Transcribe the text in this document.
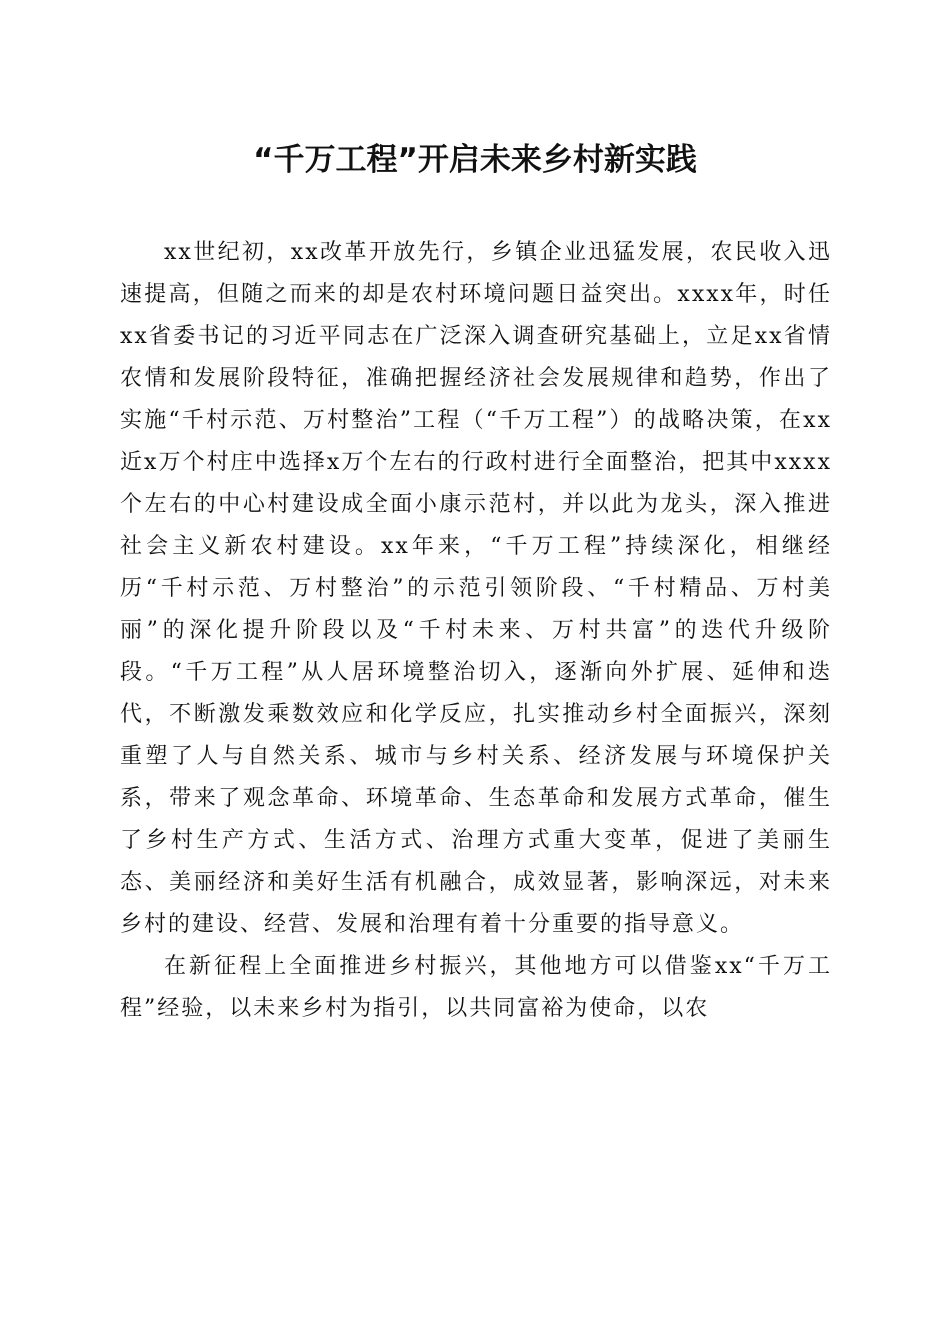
“千万工程”开启未来乡村新实践

xx世纪初，xx改革开放先行，乡镇企业迅猛发展，农民收入迅速提高，但随之而来的却是农村环境问题日益突出。xxxx年，时任xx省委书记的习近平同志在广泛深入调查研究基础上，立足xx省情农情和发展阶段特征，准确把握经济社会发展规律和趋势，作出了实施“千村示范、万村整治”工程（“千万工程”）的战略决策，在xx近x万个村庄中选择x万个左右的行政村进行全面整治，把其中xxxx个左右的中心村建设成全面小康示范村，并以此为龙头，深入推进社会主义新农村建设。xx年来，“千万工程”持续深化，相继经历“千村示范、万村整治”的示范引领阶段、“千村精品、万村美丽”的深化提升阶段以及“千村未来、万村共富”的迭代升级阶段。“千万工程”从人居环境整治切入，逐渐向外扩展、延伸和迭代，不断激发乘数效应和化学反应，扎实推动乡村全面振兴，深刻重塑了人与自然关系、城市与乡村关系、经济发展与环境保护关系，带来了观念革命、环境革命、生态革命和发展方式革命，催生了乡村生产方式、生活方式、治理方式重大变革，促进了美丽生态、美丽经济和美好生活有机融合，成效显著，影响深远，对未来乡村的建设、经营、发展和治理有着十分重要的指导意义。

在新征程上全面推进乡村振兴，其他地方可以借鉴xx“千万工程”经验，以未来乡村为指引，以共同富裕为使命，以农
